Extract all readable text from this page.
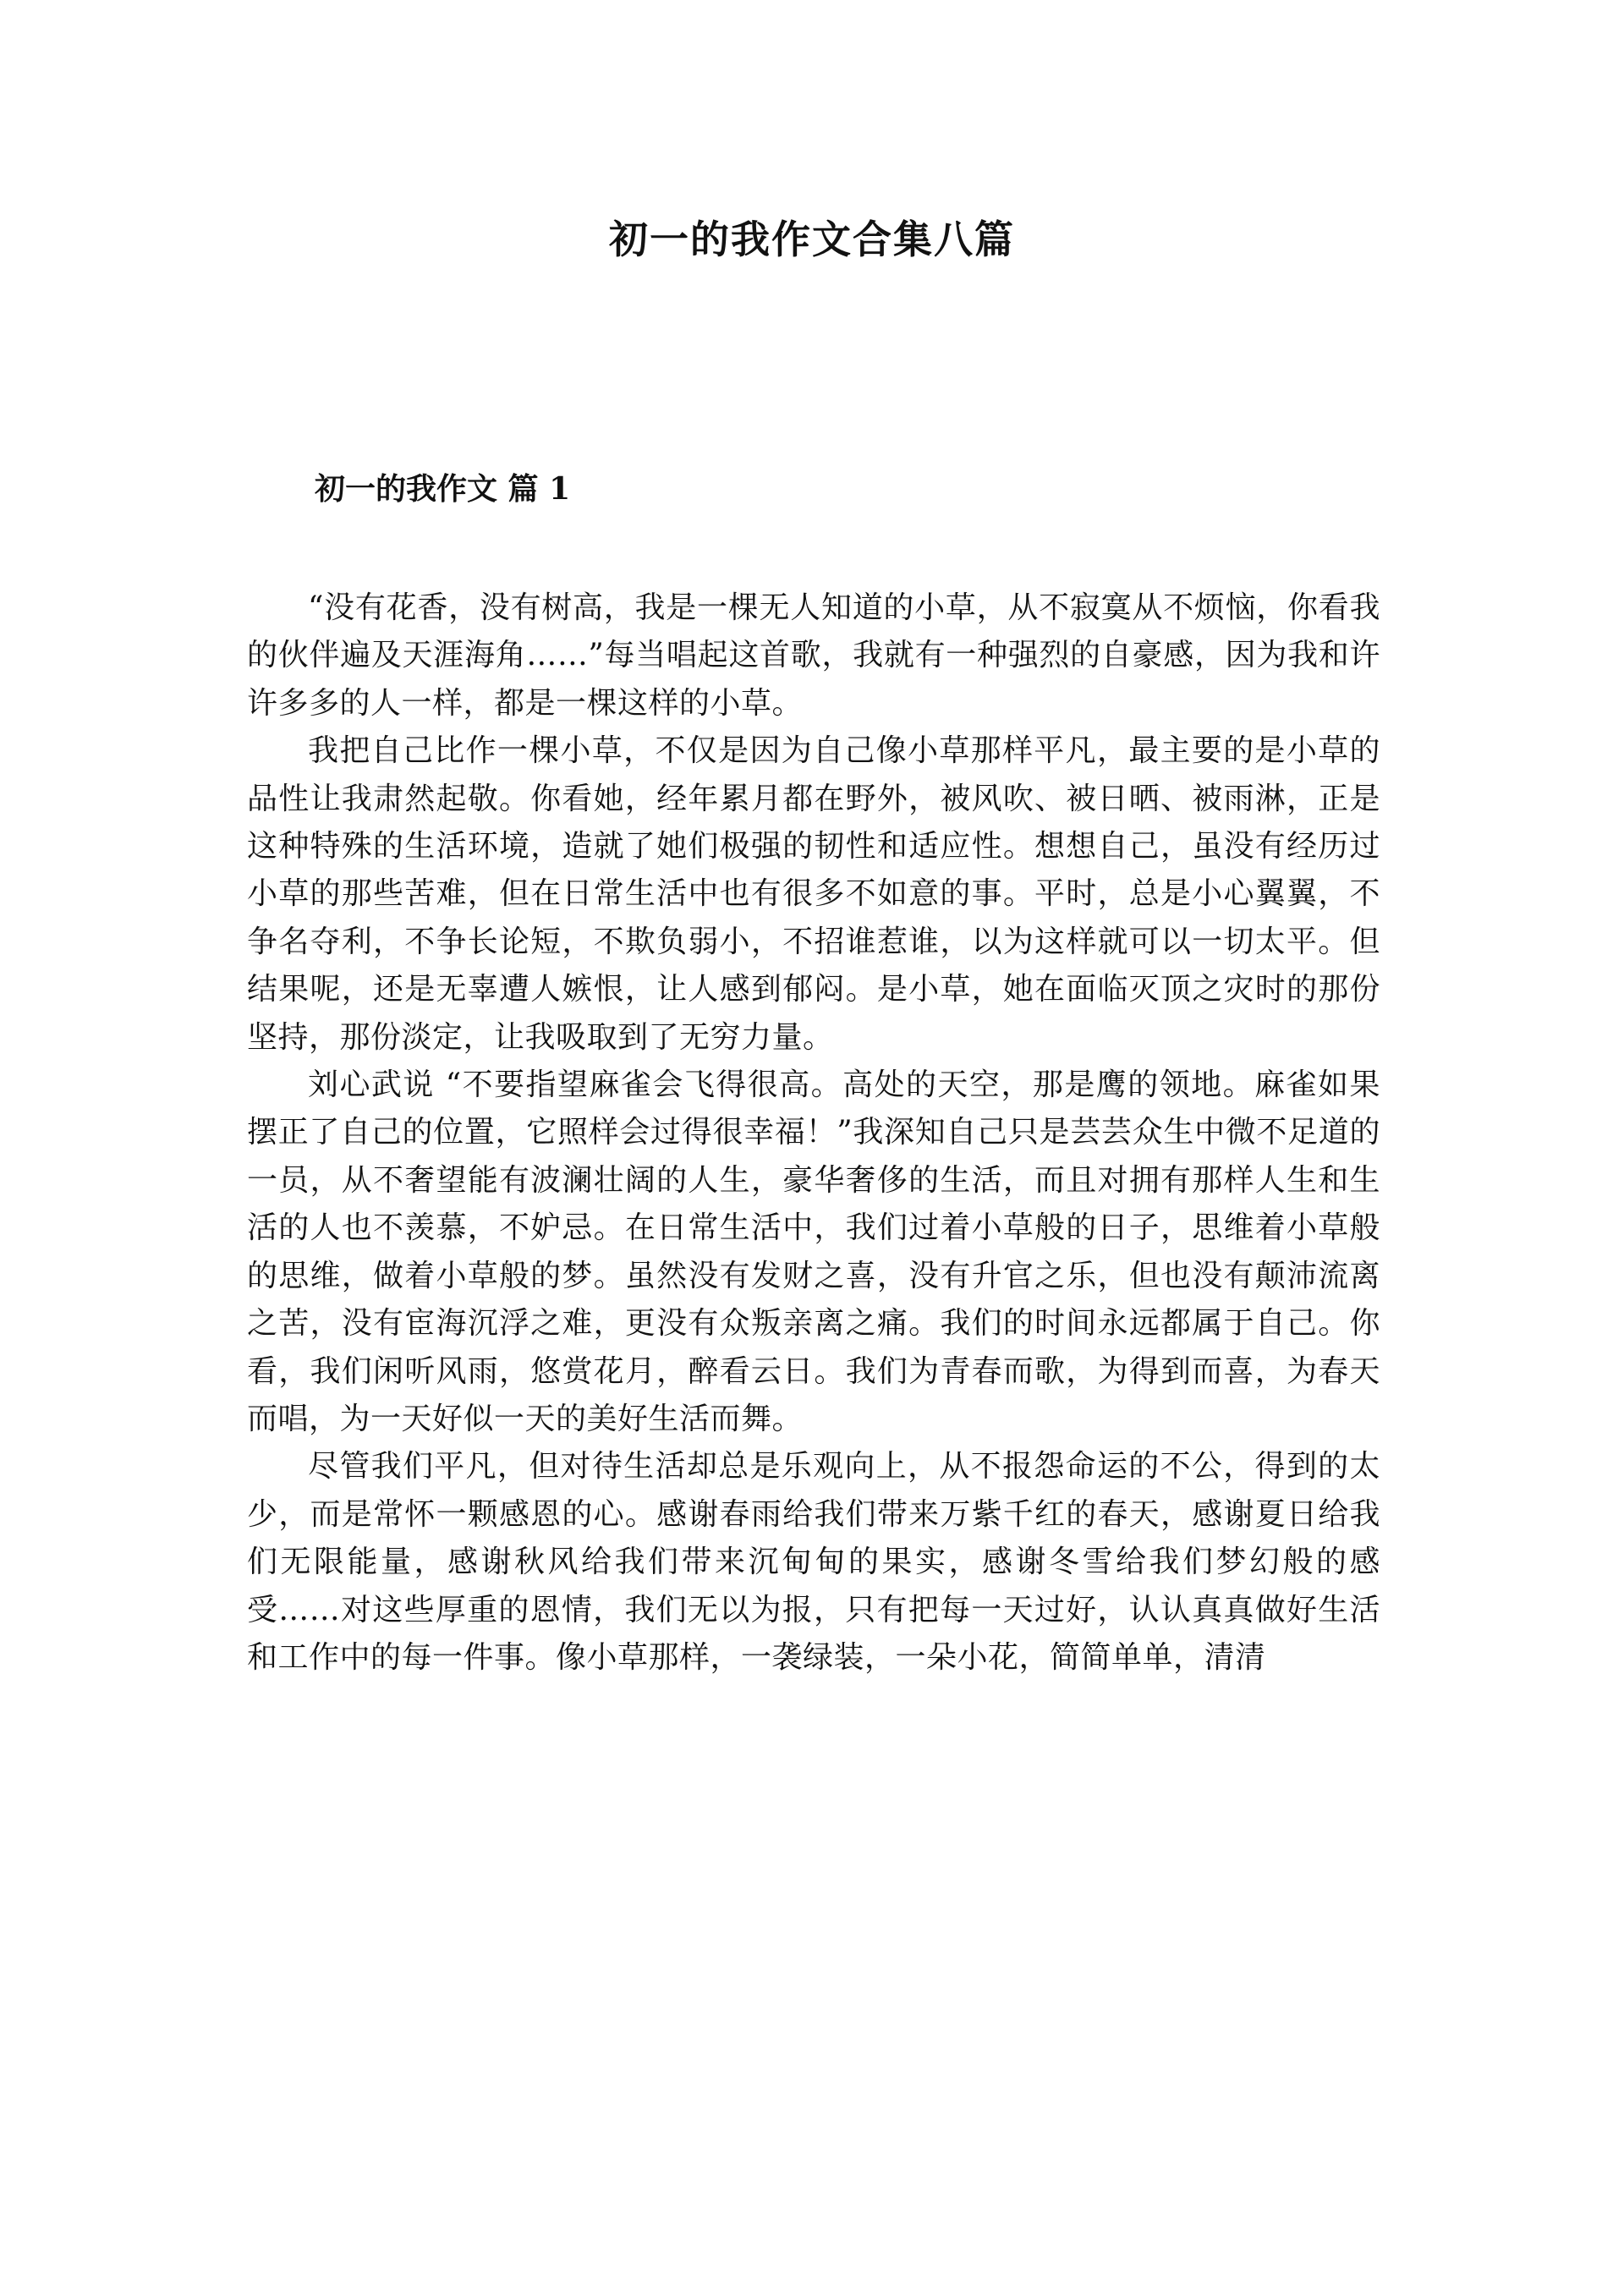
初一的我作文合集八篇
初一的我作文 篇 1

“没有花香，没有树高，我是一棵无人知道的小草，从不寂寞从不烦恼，你看我的伙伴遍及天涯海角……”每当唱起这首歌，我就有一种强烈的自豪感，因为我和许许多多的人一样，都是一棵这样的小草。

我把自己比作一棵小草，不仅是因为自己像小草那样平凡，最主要的是小草的品性让我肃然起敬。你看她，经年累月都在野外，被风吹、被日晒、被雨淋，正是这种特殊的生活环境，造就了她们极强的韧性和适应性。想想自己，虽没有经历过小草的那些苦难，但在日常生活中也有很多不如意的事。平时，总是小心翼翼，不争名夺利，不争长论短，不欺负弱小，不招谁惹谁，以为这样就可以一切太平。但结果呢，还是无辜遭人嫉恨，让人感到郁闷。是小草，她在面临灭顶之灾时的那份坚持，那份淡定，让我吸取到了无穷力量。

刘心武说 “不要指望麻雀会飞得很高。高处的天空，那是鹰的领地。麻雀如果摆正了自己的位置，它照样会过得很幸福！”我深知自己只是芸芸众生中微不足道的一员，从不奢望能有波澜壮阔的人生，豪华奢侈的生活，而且对拥有那样人生和生活的人也不羡慕，不妒忌。在日常生活中，我们过着小草般的日子，思维着小草般的思维，做着小草般的梦。虽然没有发财之喜，没有升官之乐，但也没有颠沛流离之苦，没有宦海沉浮之难，更没有众叛亲离之痛。我们的时间永远都属于自己。你看，我们闲听风雨，悠赏花月，醉看云日。我们为青春而歌，为得到而喜，为春天而唱，为一天好似一天的美好生活而舞。

尽管我们平凡，但对待生活却总是乐观向上，从不报怨命运的不公，得到的太少，而是常怀一颗感恩的心。感谢春雨给我们带来万紫千红的春天，感谢夏日给我们无限能量，感谢秋风给我们带来沉甸甸的果实，感谢冬雪给我们梦幻般的感受……对这些厚重的恩情，我们无以为报，只有把每一天过好，认认真真做好生活和工作中的每一件事。像小草那样，一袭绿装，一朵小花，简简单单，清清
